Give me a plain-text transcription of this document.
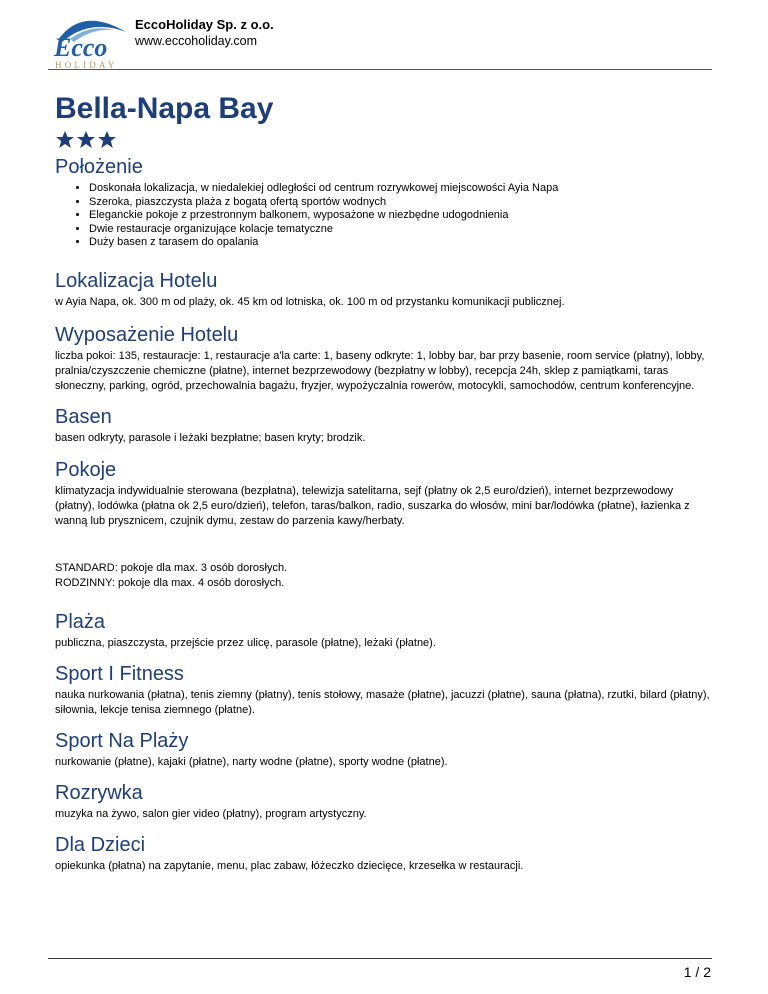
Ecco
HOLIDAY
EccoHoliday Sp. z o.o.
www.eccoholiday.com
Bella-Napa Bay
Położenie
• Doskonała lokalizacja, w niedalekiej odległości od centrum rozrywkowej miejscowości Ayia Napa
• Szeroka, piaszczysta plaża z bogatą ofertą sportów wodnych
• Eleganckie pokoje z przestronnym balkonem, wyposażone w niezbędne udogodnienia
• Dwie restauracje organizujące kolacje tematyczne
• Duży basen z tarasem do opalania
Lokalizacja Hotelu

w Ayia Napa, ok. 300 m od plaży, ok. 45 km od lotniska, ok. 100 m od przystanku komunikacji publicznej.

Wyposażenie Hotelu

liczba pokoi: 135, restauracje: 1, restauracje a'la carte: 1, baseny odkryte: 1, lobby bar, bar przy basenie, room service (płatny), lobby, pralnia/czyszczenie chemiczne (płatne), internet bezprzewodowy (bezpłatny w lobby), recepcja 24h, sklep z pamiątkami, taras słoneczny, parking, ogród, przechowalnia bagażu, fryzjer, wypożyczalnia rowerów, motocykli, samochodów, centrum konferencyjne.

Basen

basen odkryty, parasole i leżaki bezpłatne; basen kryty; brodzik.

Pokoje

klimatyzacja indywidualnie sterowana (bezpłatna), telewizja satelitarna, sejf (płatny ok 2,5 euro/dzień), internet bezprzewodowy (płatny), lodówka (płatna ok 2,5 euro/dzień), telefon, taras/balkon, radio, suszarka do włosów, mini bar/lodówka (płatne), łazienka z wanną lub prysznicem, czujnik dymu, zestaw do parzenia kawy/herbaty.

STANDARD: pokoje dla max. 3 osób dorosłych.
RODZINNY: pokoje dla max. 4 osób dorosłych.

Plaża

publiczna, piaszczysta, przejście przez ulicę, parasole (płatne), leżaki (płatne).

Sport I Fitness

nauka nurkowania (płatna), tenis ziemny (płatny), tenis stołowy, masaże (płatne), jacuzzi (płatne), sauna (płatna), rzutki, bilard (płatny), siłownia, lekcje tenisa ziemnego (płatne).

Sport Na Plaży

nurkowanie (płatne), kajaki (płatne), narty wodne (płatne), sporty wodne (płatne).

Rozrywka

muzyka na żywo, salon gier video (płatny), program artystyczny.

Dla Dzieci

opiekunka (płatna) na zapytanie, menu, plac zabaw, łóżeczko dziecięce, krzesełka w restauracji.

1 / 2
